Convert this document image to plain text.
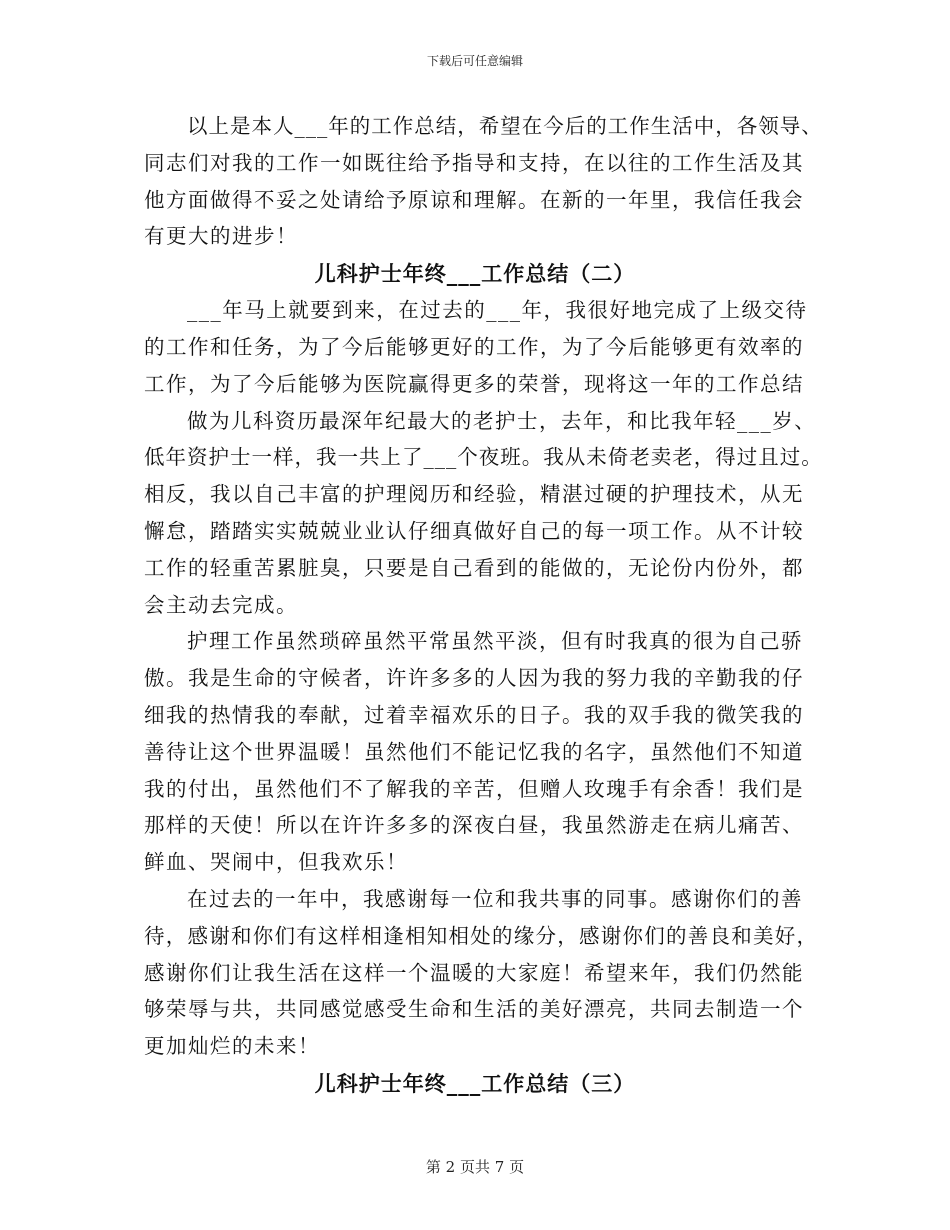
下载后可任意编辑
以上是本人___年的工作总结，希望在今后的工作生活中，各领导、
同志们对我的工作一如既往给予指导和支持，在以往的工作生活及其
他方面做得不妥之处请给予原谅和理解。在新的一年里，我信任我会
有更大的进步！
儿科护士年终___工作总结（二）
___年马上就要到来，在过去的___年，我很好地完成了上级交待
的工作和任务，为了今后能够更好的工作，为了今后能够更有效率的
工作，为了今后能够为医院赢得更多的荣誉，现将这一年的工作总结
做为儿科资历最深年纪最大的老护士，去年，和比我年轻___岁、
低年资护士一样，我一共上了___个夜班。我从未倚老卖老，得过且过。
相反，我以自己丰富的护理阅历和经验，精湛过硬的护理技术，从无
懈怠，踏踏实实兢兢业业认仔细真做好自己的每一项工作。从不计较
工作的轻重苦累脏臭，只要是自己看到的能做的，无论份内份外，都
会主动去完成。
护理工作虽然琐碎虽然平常虽然平淡，但有时我真的很为自己骄
傲。我是生命的守候者，许许多多的人因为我的努力我的辛勤我的仔
细我的热情我的奉献，过着幸福欢乐的日子。我的双手我的微笑我的
善待让这个世界温暖！虽然他们不能记忆我的名字，虽然他们不知道
我的付出，虽然他们不了解我的辛苦，但赠人玫瑰手有余香！我们是
那样的天使！所以在许许多多的深夜白昼，我虽然游走在病儿痛苦、
鲜血、哭闹中，但我欢乐！
在过去的一年中，我感谢每一位和我共事的同事。感谢你们的善
待，感谢和你们有这样相逢相知相处的缘分，感谢你们的善良和美好，
感谢你们让我生活在这样一个温暖的大家庭！希望来年，我们仍然能
够荣辱与共，共同感觉感受生命和生活的美好漂亮，共同去制造一个
更加灿烂的未来！
儿科护士年终___工作总结（三）
第 2 页共 7 页
